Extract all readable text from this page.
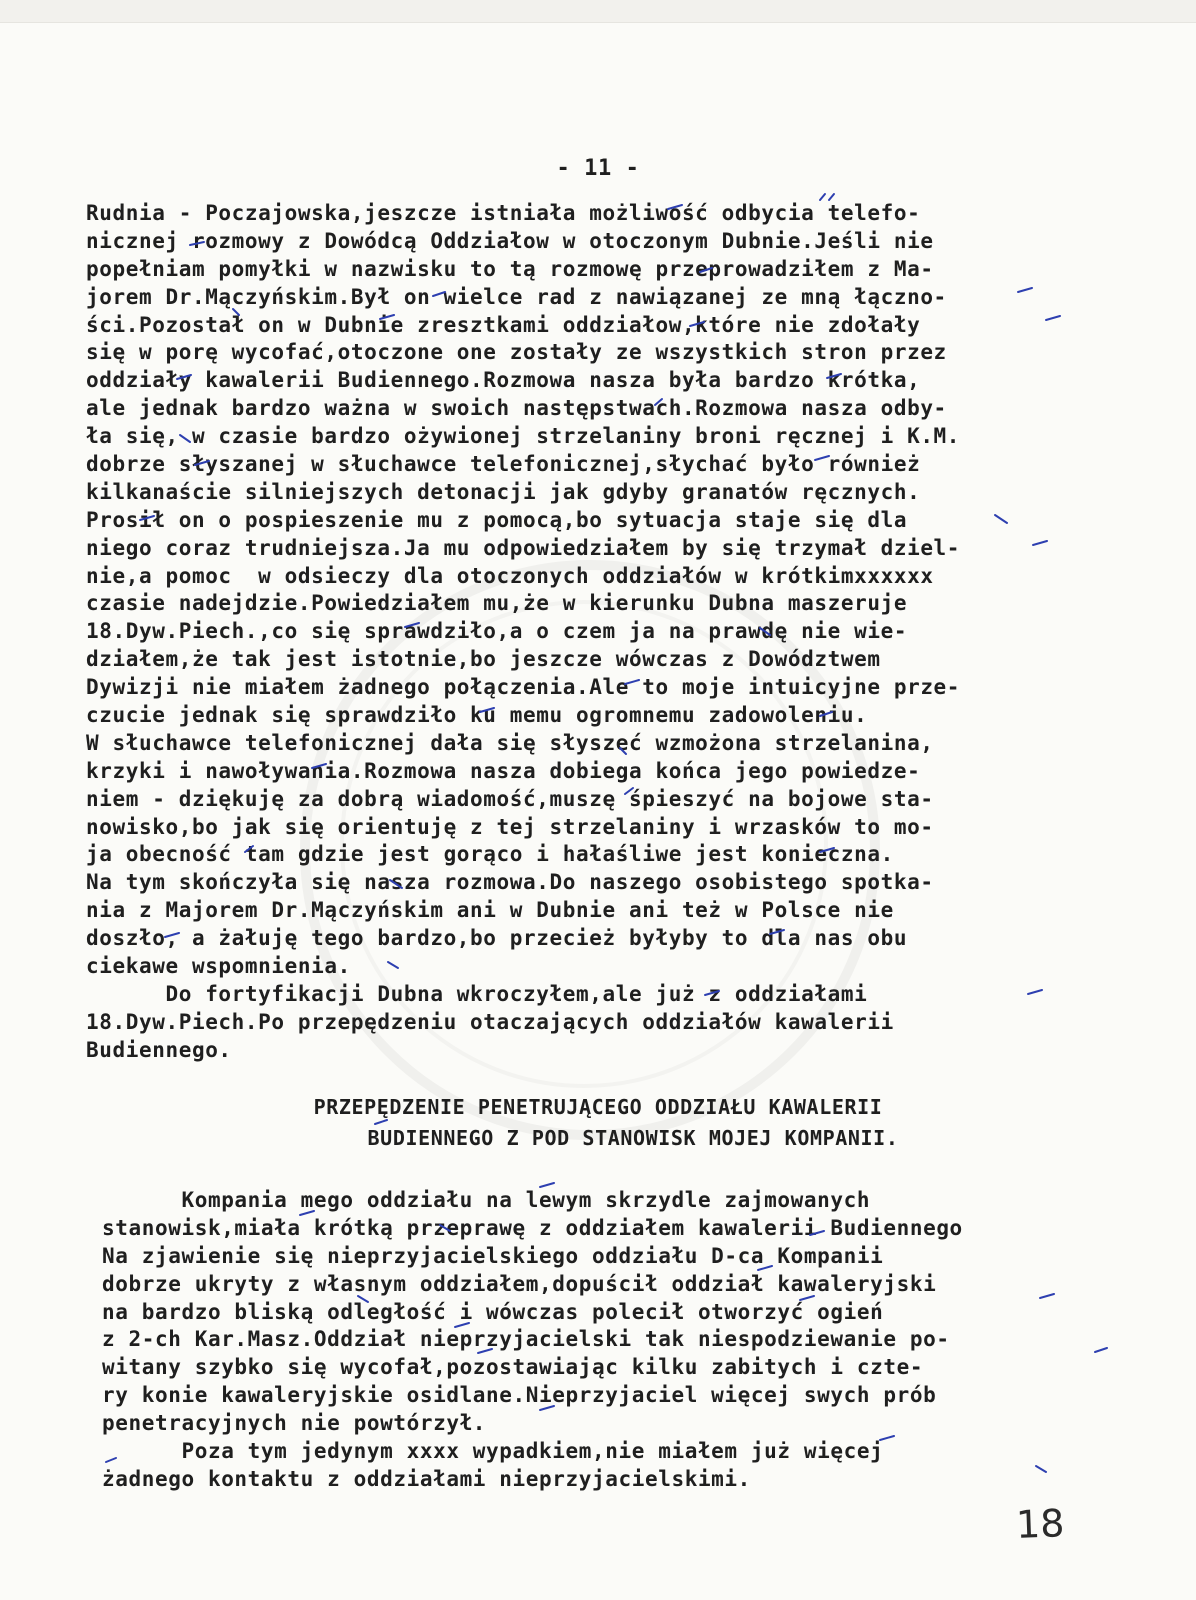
- 11 -
Rudnia - Poczajowska,jeszcze istniała możliwość odbycia telefo-
nicznej rozmowy z Dowódcą Oddziałow w otoczonym Dubnie.Jeśli nie
popełniam pomyłki w nazwisku to tą rozmowę przeprowadziłem z Ma-
jorem Dr.Mączyńskim.Był on wielce rad z nawiązanej ze mną łączno-
ści.Pozostał on w Dubnie zresztkami oddziałow,które nie zdołały
się w porę wycofać,otoczone one zostały ze wszystkich stron przez
oddziały kawalerii Budiennego.Rozmowa nasza była bardzo krótka,
ale jednak bardzo ważna w swoich następstwach.Rozmowa nasza odby-
ła się, w czasie bardzo ożywionej strzelaniny broni ręcznej i K.M.
dobrze słyszanej w słuchawce telefonicznej,słychać było również
kilkanaście silniejszych detonacji jak gdyby granatów ręcznych.
Prosił on o pospieszenie mu z pomocą,bo sytuacja staje się dla
niego coraz trudniejsza.Ja mu odpowiedziałem by się trzymał dziel-
nie,a pomoc  w odsieczy dla otoczonych oddziałów w krótkimxxxxxx
czasie nadejdzie.Powiedziałem mu,że w kierunku Dubna maszeruje
18.Dyw.Piech.,co się sprawdziło,a o czem ja na prawdę nie wie-
działem,że tak jest istotnie,bo jeszcze wówczas z Dowództwem
Dywizji nie miałem żadnego połączenia.Ale to moje intuicyjne prze-
czucie jednak się sprawdziło ku memu ogromnemu zadowoleniu.
W słuchawce telefonicznej dała się słyszeć wzmożona strzelanina,
krzyki i nawoływania.Rozmowa nasza dobiega końca jego powiedze-
niem - dziękuję za dobrą wiadomość,muszę śpieszyć na bojowe sta-
nowisko,bo jak się orientuję z tej strzelaniny i wrzasków to mo-
ja obecność tam gdzie jest gorąco i hałaśliwe jest konieczna.
Na tym skończyła się nasza rozmowa.Do naszego osobistego spotka-
nia z Majorem Dr.Mączyńskim ani w Dubnie ani też w Polsce nie
doszło, a żałuję tego bardzo,bo przecież byłyby to dla nas obu
ciekawe wspomnienia.
Do fortyfikacji Dubna wkroczyłem,ale już z oddziałami
18.Dyw.Piech.Po przepędzeniu otaczających oddziałów kawalerii
Budiennego.
PRZEPĘDZENIE PENETRUJĄCEGO ODDZIAŁU KAWALERII
BUDIENNEGO Z POD STANOWISK MOJEJ KOMPANII.
Kompania mego oddziału na lewym skrzydle zajmowanych
stanowisk,miała krótką przeprawę z oddziałem kawalerii Budiennego
Na zjawienie się nieprzyjacielskiego oddziału D-ca Kompanii
dobrze ukryty z własnym oddziałem,dopuścił oddział kawaleryjski
na bardzo bliską odległość i wówczas polecił otworzyć ogień
z 2-ch Kar.Masz.Oddział nieprzyjacielski tak niespodziewanie po-
witany szybko się wycofał,pozostawiając kilku zabitych i czte-
ry konie kawaleryjskie osidlane.Nieprzyjaciel więcej swych prób
penetracyjnych nie powtórzył.
Poza tym jedynym xxxx wypadkiem,nie miałem już więcej
żadnego kontaktu z oddziałami nieprzyjacielskimi.
18
